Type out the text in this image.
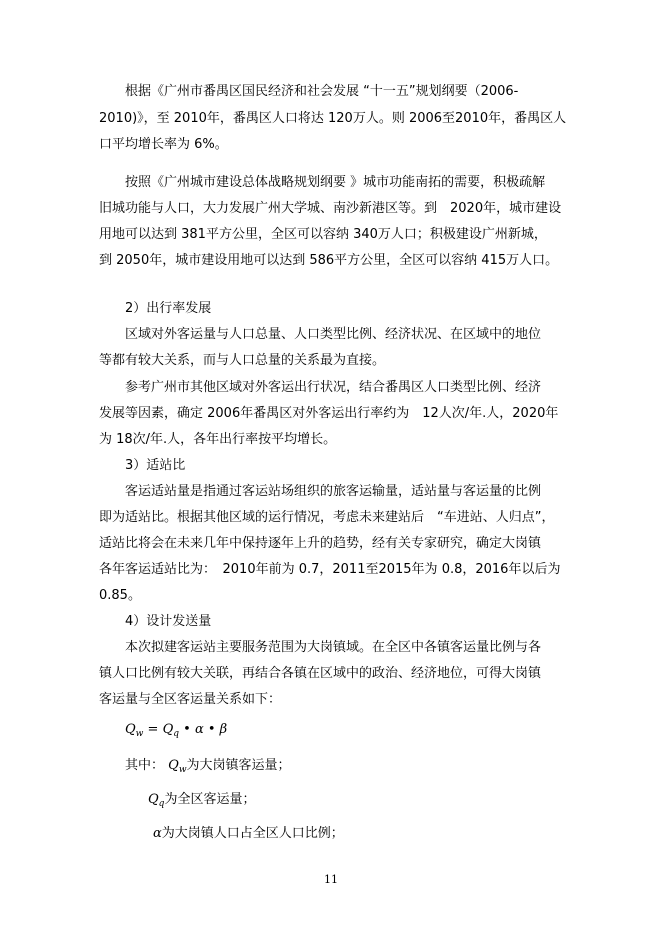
根据《广州市番禺区国民经济和社会发展 “十一五”规划纲要（2006-
2010)》，至 2010年，番禺区人口将达 120万人。则 2006至2010年，番禺区人
口平均增长率为 6%。
按照《广州城市建设总体战略规划纲要 》城市功能南拓的需要，积极疏解
旧城功能与人口，大力发展广州大学城、南沙新港区等。到　2020年，城市建设
用地可以达到 381平方公里，全区可以容纳 340万人口；积极建设广州新城，
到 2050年，城市建设用地可以达到 586平方公里，全区可以容纳 415万人口。
2）出行率发展
区域对外客运量与人口总量、人口类型比例、经济状况、在区域中的地位
等都有较大关系，而与人口总量的关系最为直接。
参考广州市其他区域对外客运出行状况，结合番禺区人口类型比例、经济
发展等因素，确定 2006年番禺区对外客运出行率约为　12人次/年.人，2020年
为 18次/年.人，各年出行率按平均增长。
3）适站比
客运适站量是指通过客运站场组织的旅客运输量，适站量与客运量的比例
即为适站比。根据其他区域的运行情况，考虑未来建站后　“车进站、人归点”，
适站比将会在未来几年中保持逐年上升的趋势，经有关专家研究，确定大岗镇
各年客运适站比为：　2010年前为 0.7，2011至2015年为 0.8，2016年以后为
0.85。
4）设计发送量
本次拟建客运站主要服务范围为大岗镇域。在全区中各镇客运量比例与各
镇人口比例有较大关联，再结合各镇在区域中的政治、经济地位，可得大岗镇
客运量与全区客运量关系如下：
$Q_w = Q_q$ • α • β
其中： $Q_w$为大岗镇客运量；
$Q_q$为全区客运量；
α为大岗镇人口占全区人口比例；
11
